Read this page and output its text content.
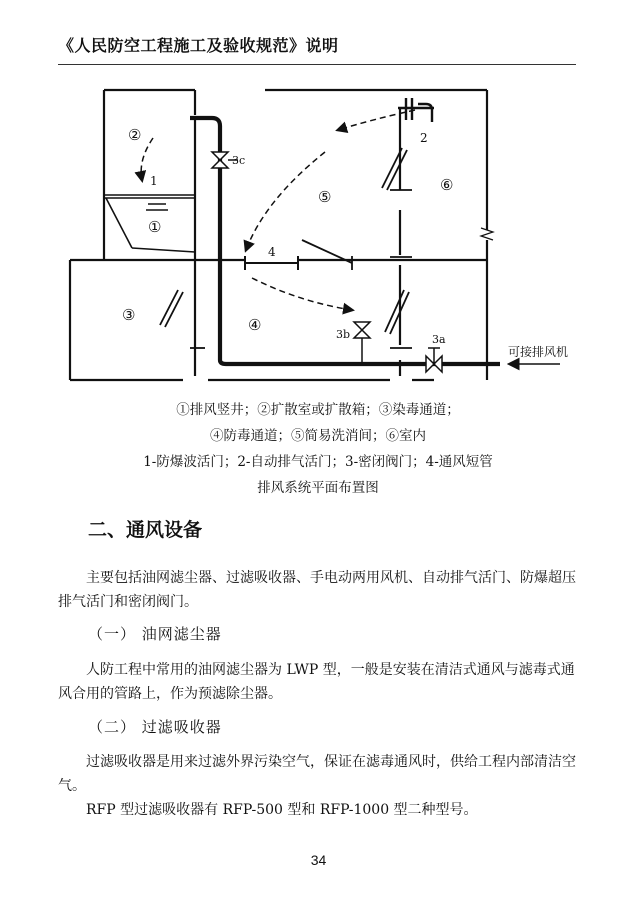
《人民防空工程施工及验收规范》说明
②
1
①
3c
2
⑤
⑥
4
③
④
3b	3a
可接排风机
①排风竖井；②扩散室或扩散箱；③染毒通道；
④防毒通道；⑤简易洗消间；⑥室内
1-防爆波活门；2-自动排气活门；3-密闭阀门；4-通风短管
排风系统平面布置图
二、通风设备

主要包括油网滤尘器、过滤吸收器、手电动两用风机、自动排气活门、防爆超压排气活门和密闭阀门。

（一） 油网滤尘器

人防工程中常用的油网滤尘器为 LWP 型，一般是安装在清洁式通风与滤毒式通风合用的管路上，作为预滤除尘器。

（二） 过滤吸收器

过滤吸收器是用来过滤外界污染空气，保证在滤毒通风时，供给工程内部清洁空气。

RFP 型过滤吸收器有 RFP-500 型和 RFP-1000 型二种型号。

34
